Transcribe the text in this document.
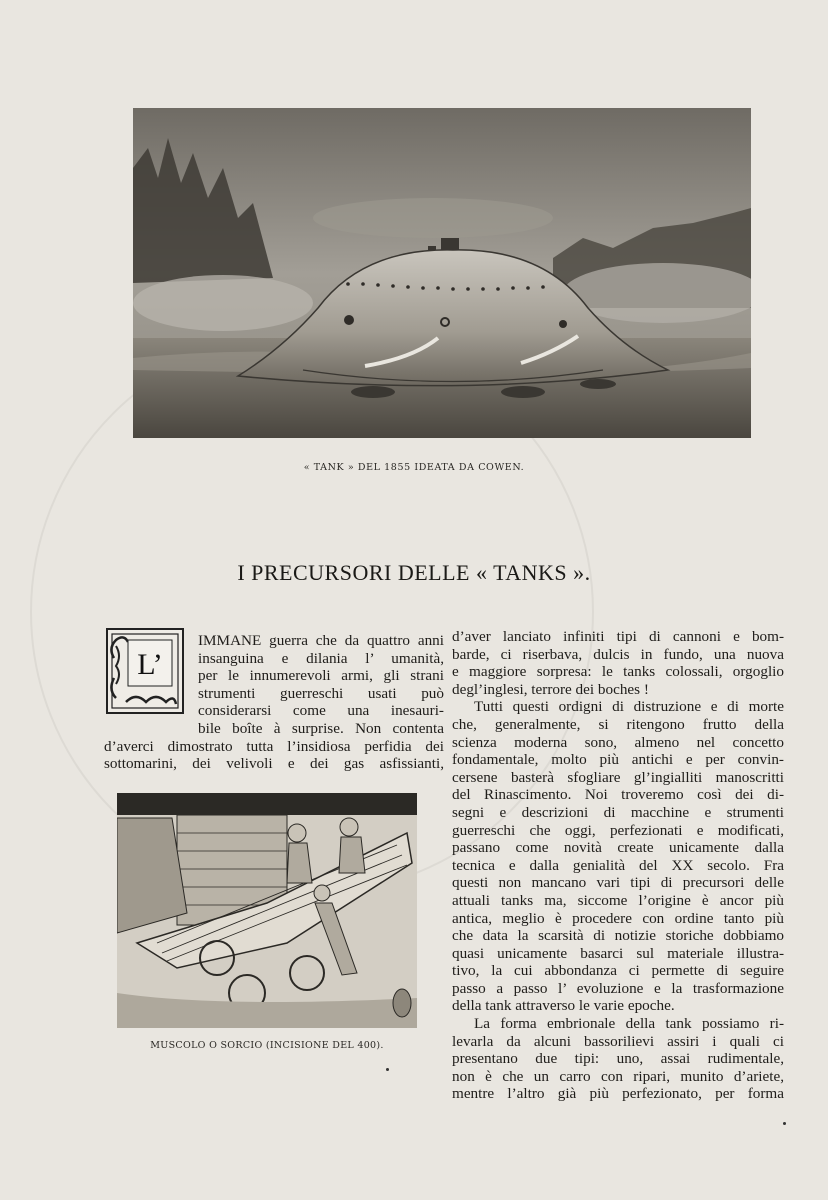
« TANK » DEL 1855 IDEATA DA COWEN.
I PRECURSORI DELLE « TANKS ».
L’
IMMANE guerra che da quattro anni
insanguina e dilania l’ umanità,
per le innumerevoli armi, gli strani
strumenti guerreschi usati può
considerarsi come una inesauri-
bile boîte à surprise. Non contenta
d’averci dimostrato tutta l’insidiosa perfidia dei
sottomarini, dei velivoli e dei gas asfissianti,
MUSCOLO O SORCIO (INCISIONE DEL 400).
d’aver lanciato infiniti tipi di cannoni e bom-
barde, ci riserbava, dulcis in fundo, una nuova
e maggiore sorpresa: le tanks colossali, orgoglio
degl’inglesi, terrore dei boches !
Tutti questi ordigni di distruzione e di morte
che, generalmente, si ritengono frutto della
scienza moderna sono, almeno nel concetto
fondamentale, molto più antichi e per convin-
cersene basterà sfogliare gl’ingialliti manoscritti
del Rinascimento. Noi troveremo così dei di-
segni e descrizioni di macchine e strumenti
guerreschi che oggi, perfezionati e modificati,
passano come novità create unicamente dalla
tecnica e dalla genialità del XX secolo. Fra
questi non mancano vari tipi di precursori delle
attuali tanks ma, siccome l’origine è ancor più
antica, meglio è procedere con ordine tanto più
che data la scarsità di notizie storiche dobbiamo
quasi unicamente basarci sul materiale illustra-
tivo, la cui abbondanza ci permette di seguire
passo a passo l’ evoluzione e la trasformazione
della tank attraverso le varie epoche.
La forma embrionale della tank possiamo ri-
levarla da alcuni bassorilievi assiri i quali ci
presentano due tipi: uno, assai rudimentale,
non è che un carro con ripari, munito d’ariete,
mentre l’altro già più perfezionato, per forma
